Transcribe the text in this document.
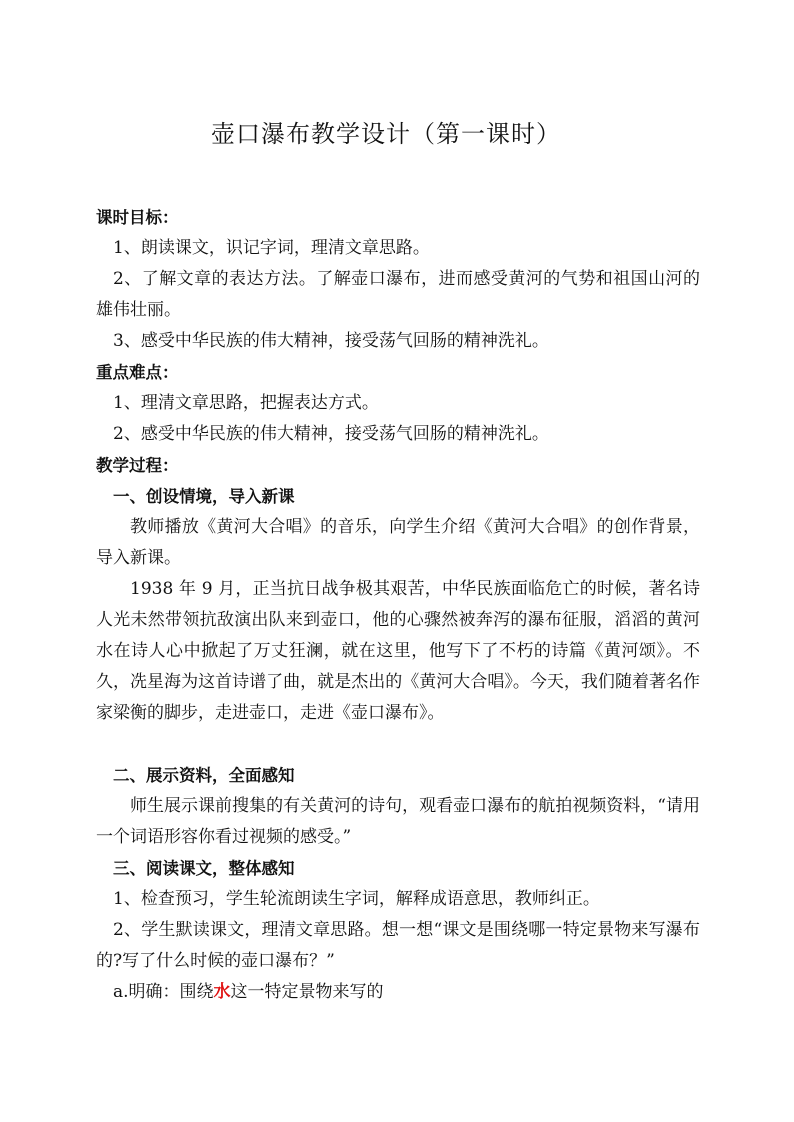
壶口瀑布教学设计（第一课时）
课时目标：
1、朗读课文，识记字词，理清文章思路。
2、了解文章的表达方法。了解壶口瀑布，进而感受黄河的气势和祖国山河的雄伟壮丽。
3、感受中华民族的伟大精神，接受荡气回肠的精神洗礼。
重点难点：
1、理清文章思路，把握表达方式。
2、感受中华民族的伟大精神，接受荡气回肠的精神洗礼。
教学过程：
一、创设情境，导入新课
教师播放《黄河大合唱》的音乐，向学生介绍《黄河大合唱》的创作背景，导入新课。
1938 年 9 月，正当抗日战争极其艰苦，中华民族面临危亡的时候，著名诗人光未然带领抗敌演出队来到壶口，他的心骤然被奔泻的瀑布征服，滔滔的黄河水在诗人心中掀起了万丈狂澜，就在这里，他写下了不朽的诗篇《黄河颂》。不久，冼星海为这首诗谱了曲，就是杰出的《黄河大合唱》。今天，我们随着著名作家梁衡的脚步，走进壶口，走进《壶口瀑布》。
二、展示资料，全面感知
师生展示课前搜集的有关黄河的诗句，观看壶口瀑布的航拍视频资料，“请用一个词语形容你看过视频的感受。”
三、阅读课文，整体感知
1、检查预习，学生轮流朗读生字词，解释成语意思，教师纠正。
2、学生默读课文，理清文章思路。想一想“课文是围绕哪一特定景物来写瀑布的?写了什么时候的壶口瀑布？”
a.明确：围绕水这一特定景物来写的
